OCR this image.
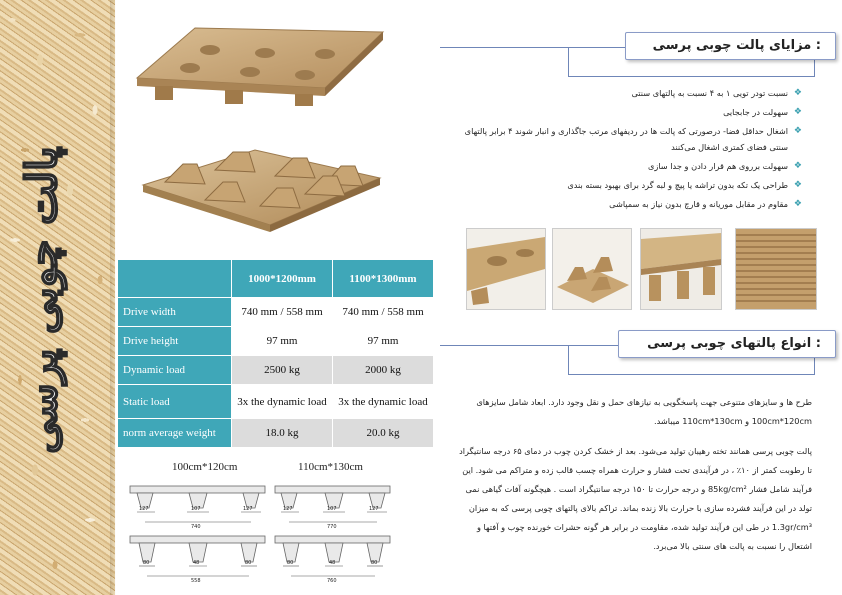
پالت چوبی پرسی
		1000*1200mm	1100*1300mm
Drive width	740 mm / 558 mm	740 mm / 558 mm
Drive height	97 mm	97 mm
Dynamic load	2500 kg	2000 kg
Static load	3x the dynamic load	3x the dynamic load
norm average weight	18.0 kg	20.0 kg
100cm*120cm	110cm*130cm
127	107	127
740
127	107	127
770
80	48	80
558
80	48	80
760
: مزایای پالت چوبی پرسی
❖
نسبت تودر تویی ۱ به ۴ نسبت به پالتهای سنتی
❖
سهولت در جابجایی
❖
اشغال حداقل فضا- درصورتی که پالت ها در ردیفهای مرتب جاگذاری و انبار شوند ۴ برابر پالتهای سنتی فضای کمتری اشغال می‌کنند
❖
سهولت بر‌روی هم قرار دادن و جدا سازی
❖
طراحی یک تکه بدون تراشه یا پیچ و لبه گرد برای بهبود بسته بندی
❖
مقاوم در مقابل موریانه و قارچ بدون نیاز به سمپاشی
: انواع پالتهای چوبی پرسی
طرح ها و سایزهای متنوعی جهت پاسخگویی به نیازهای حمل و نقل وجود دارد. ابعاد شامل سایزهای 100cm*120cm و 110cm*130cm میباشد.
پالت چوبی پرسی همانند تخته رهیبان تولید می‌شود. بعد از خشک کردن چوب در دمای ۶۵ درجه سانتیگراد تا رطوبت کمتر از ۱۰٪ ، در فرآیندی تحت فشار و حرارت همراه چسب قالب زده و متراکم می شود. این فرآیند شامل فشار 85kg/cm² و درجه حرارت تا ۱۵۰ درجه سانتیگراد است . هیچگونه آفات گیاهی نمی تولد در این فرآیند فشرده سازی با حرارت بالا زنده بماند. تراکم بالای پالتهای چوبی پرسی که به میزان 1.3gr/cm³ در طی این فرآیند تولید شده، مقاومت در برابر هر گونه حشرات خورنده چوب و آفتها و اشتعال را نسبت به پالت های سنتی بالا می‌برد.
